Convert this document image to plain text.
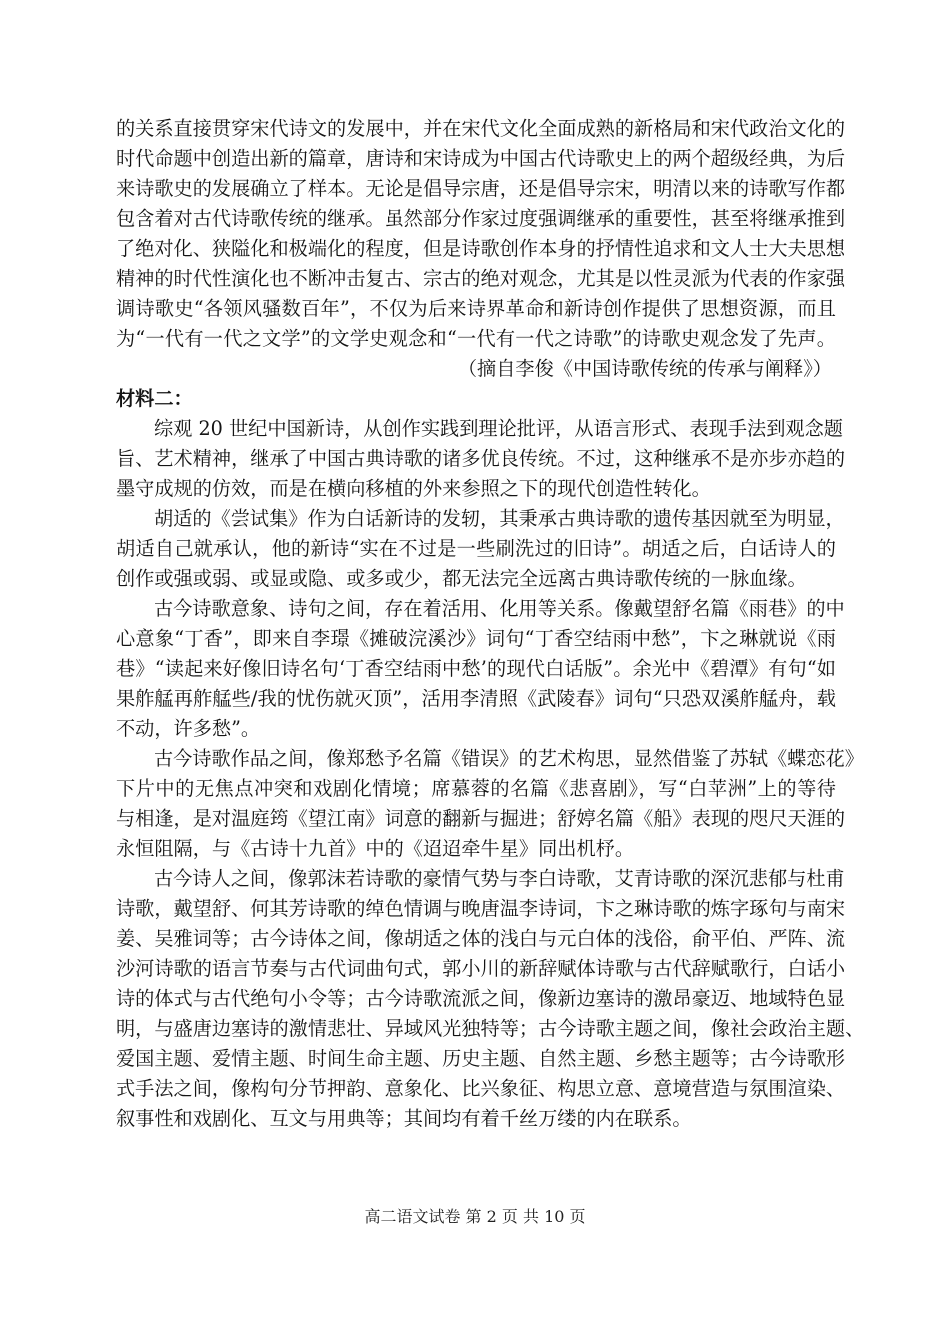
的关系直接贯穿宋代诗文的发展中，并在宋代文化全面成熟的新格局和宋代政治文化的
时代命题中创造出新的篇章，唐诗和宋诗成为中国古代诗歌史上的两个超级经典，为后
来诗歌史的发展确立了样本。无论是倡导宗唐，还是倡导宗宋，明清以来的诗歌写作都
包含着对古代诗歌传统的继承。虽然部分作家过度强调继承的重要性，甚至将继承推到
了绝对化、狭隘化和极端化的程度，但是诗歌创作本身的抒情性追求和文人士大夫思想
精神的时代性演化也不断冲击复古、宗古的绝对观念，尤其是以性灵派为代表的作家强
调诗歌史“各领风骚数百年”，不仅为后来诗界革命和新诗创作提供了思想资源，而且
为“一代有一代之文学”的文学史观念和“一代有一代之诗歌”的诗歌史观念发了先声。
（摘自李俊《中国诗歌传统的传承与阐释》）
材料二：
综观 20 世纪中国新诗，从创作实践到理论批评，从语言形式、表现手法到观念题
旨、艺术精神，继承了中国古典诗歌的诸多优良传统。不过，这种继承不是亦步亦趋的
墨守成规的仿效，而是在横向移植的外来参照之下的现代创造性转化。
胡适的《尝试集》作为白话新诗的发轫，其秉承古典诗歌的遗传基因就至为明显，
胡适自己就承认，他的新诗“实在不过是一些刷洗过的旧诗”。胡适之后，白话诗人的
创作或强或弱、或显或隐、或多或少，都无法完全远离古典诗歌传统的一脉血缘。
古今诗歌意象、诗句之间，存在着活用、化用等关系。像戴望舒名篇《雨巷》的中
心意象“丁香”，即来自李璟《摊破浣溪沙》词句“丁香空结雨中愁”，卞之琳就说《雨
巷》“读起来好像旧诗名句‘丁香空结雨中愁’的现代白话版”。余光中《碧潭》有句“如
果舴艋再舴艋些/我的忧伤就灭顶”，活用李清照《武陵春》词句“只恐双溪舴艋舟，载
不动，许多愁”。
古今诗歌作品之间，像郑愁予名篇《错误》的艺术构思，显然借鉴了苏轼《蝶恋花》
下片中的无焦点冲突和戏剧化情境；席慕蓉的名篇《悲喜剧》，写“白苹洲”上的等待
与相逢，是对温庭筠《望江南》词意的翻新与掘进；舒婷名篇《船》表现的咫尺天涯的
永恒阻隔，与《古诗十九首》中的《迢迢牵牛星》同出机杼。
古今诗人之间，像郭沫若诗歌的豪情气势与李白诗歌，艾青诗歌的深沉悲郁与杜甫
诗歌，戴望舒、何其芳诗歌的绰色情调与晚唐温李诗词，卞之琳诗歌的炼字琢句与南宋
姜、吴雅词等；古今诗体之间，像胡适之体的浅白与元白体的浅俗，俞平伯、严阵、流
沙河诗歌的语言节奏与古代词曲句式，郭小川的新辞赋体诗歌与古代辞赋歌行，白话小
诗的体式与古代绝句小令等；古今诗歌流派之间，像新边塞诗的激昂豪迈、地域特色显
明，与盛唐边塞诗的激情悲壮、异域风光独特等；古今诗歌主题之间，像社会政治主题、
爱国主题、爱情主题、时间生命主题、历史主题、自然主题、乡愁主题等；古今诗歌形
式手法之间，像构句分节押韵、意象化、比兴象征、构思立意、意境营造与氛围渲染、
叙事性和戏剧化、互文与用典等；其间均有着千丝万缕的内在联系。
高二语文试卷 第 2 页 共 10 页
